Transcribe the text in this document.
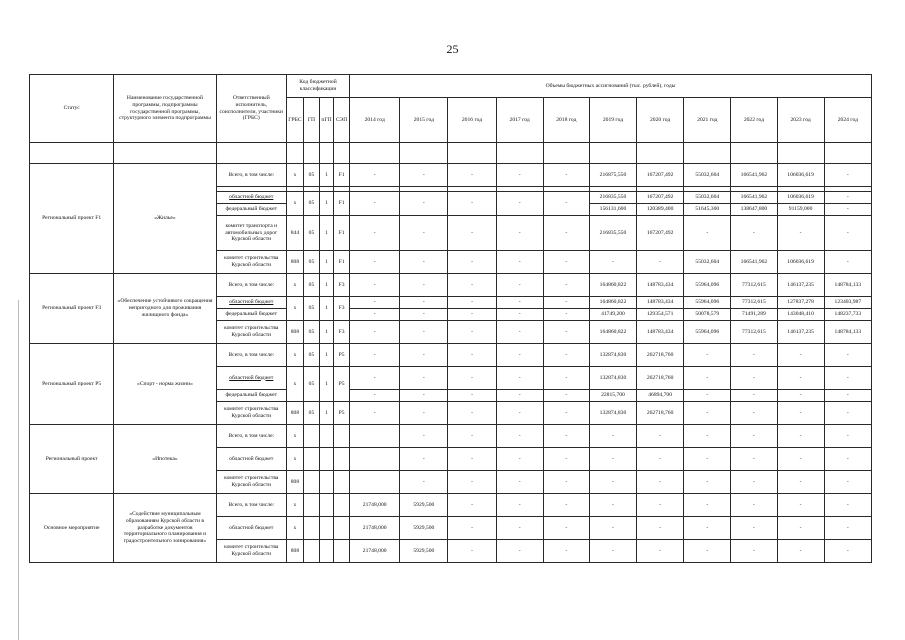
25
Статус	Наименование государственной программы, подпрограммы государственной программы, структурного элемента подпрограммы	Ответственный исполнитель, соисполнители, участники (ГРБС)	Код бюджетной классификации				Объемы бюджетных ассигнований (тыс. рублей), годы										
			ГРБС	ГП	пГП	СЭП	2014 год	2015 год	2016 год	2017 год	2018 год	2019 год	2020 год	2021 год	2022 год	2023 год	2024 год

Региональный проект F1	«Жилье»	Всего, в том числе:	х	05	1	F1	-	-	-	-	-	216875,550	167207,492	55032,604	166541,962	106036,619	-

		областной бюджет	х	05	1	F1	-	-	-	-	-	216835,550	167207,492	55032,604	166541,962	106036,619	-
		федеральный бюджет										156131,600	120389,400	51645,300	138647,800	91159,000	-
		комитет транспорта и автомобильных дорог Курской области	844	05	1	F1	-	-	-	-	-	216835,550	167207,492	-	-	-	-
		комитет строительства Курской области	808	05	1	F1	-	-	-	-	-	-	-	55032,604	166541,962	106036,619	-
Региональный проект F3	«Обеспечение устойчивого сокращения непригодного для проживания жилищного фонда»	Всего, в том числе:	х	05	1	F3	-	-	-	-	-	164860,822	148783,434	55964,096	77312,615	146137,235	148784,133
		областной бюджет	х	05	1	F3	-	-	-	-	-	164860,822	148783,434	55964,096	77312,615	127837,278	123403,987
		федеральный бюджет					-	-	-	-	-	41749,200	129354,571	50078,579	71491,289	143048,410	148237,733
		комитет строительства Курской области	808	05	1	F3	-	-	-	-	-	164860,822	148783,434	55964,096	77312,615	146137,235	148784,133
Региональный проект P5	«Спорт - норма жизни»	Всего, в том числе:	х	05	1	P5	-	-	-	-	-	132874,830	262718,760	-	-	-	-
		областной бюджет	х	05	1	P5	-	-	-	-	-	132874,830	262718,760	-	-	-	-
		федеральный бюджет					-	-	-	-	-	22815,700	46894,700	-	-	-	-
		комитет строительства Курской области	808	05	1	P5	-	-	-	-	-	132874,830	262718,760	-	-	-	-
Региональный проект	«Ипотека»	Всего, в том числе:	х					-	-	-	-	-	-	-	-	-	-
		областной бюджет	х					-	-	-	-	-	-	-	-	-	-
		комитет строительства Курской области	808					-	-	-	-	-	-	-	-	-	-
Основное мероприятие	«Содействие муниципальным образованиям Курской области в разработке документов территориального планирования и градостроительного зонирования»	Всего, в том числе:	х				21748,000	5929,500	-	-	-	-	-	-	-	-	-
		областной бюджет	х				21748,000	5929,500	-	-	-	-	-	-	-	-	-
		комитет строительства Курской области	808				21748,000	5929,500	-	-	-	-	-	-	-	-	-
